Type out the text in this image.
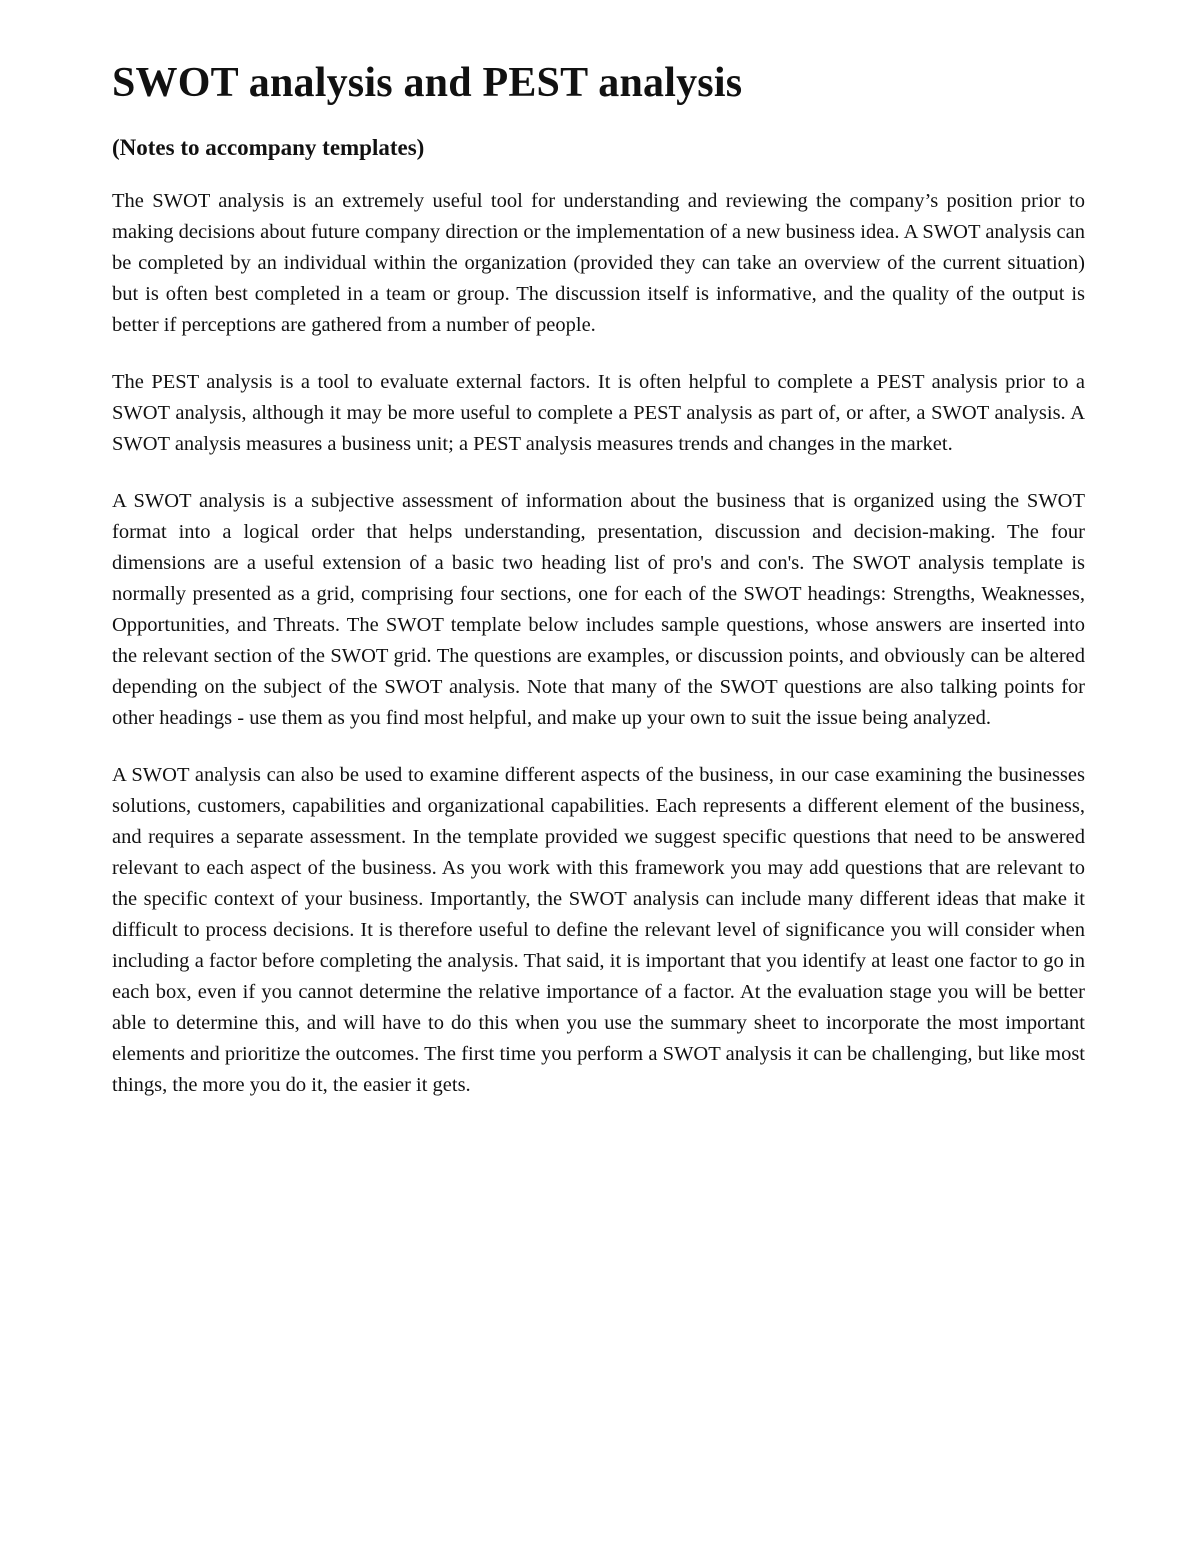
SWOT analysis and PEST analysis
(Notes to accompany templates)

The SWOT analysis is an extremely useful tool for understanding and reviewing the company’s position prior to making decisions about future company direction or the implementation of a new business idea. A SWOT analysis can be completed by an individual within the organization (provided they can take an overview of the current situation) but is often best completed in a team or group. The discussion itself is informative, and the quality of the output is better if perceptions are gathered from a number of people.

The PEST analysis is a tool to evaluate external factors. It is often helpful to complete a PEST analysis prior to a SWOT analysis, although it may be more useful to complete a PEST analysis as part of, or after, a SWOT analysis. A SWOT analysis measures a business unit; a PEST analysis measures trends and changes in the market.

A SWOT analysis is a subjective assessment of information about the business that is organized using the SWOT format into a logical order that helps understanding, presentation, discussion and decision-making. The four dimensions are a useful extension of a basic two heading list of pro's and con's. The SWOT analysis template is normally presented as a grid, comprising four sections, one for each of the SWOT headings: Strengths, Weaknesses, Opportunities, and Threats. The SWOT template below includes sample questions, whose answers are inserted into the relevant section of the SWOT grid. The questions are examples, or discussion points, and obviously can be altered depending on the subject of the SWOT analysis. Note that many of the SWOT questions are also talking points for other headings - use them as you find most helpful, and make up your own to suit the issue being analyzed.

A SWOT analysis can also be used to examine different aspects of the business, in our case examining the businesses solutions, customers, capabilities and organizational capabilities. Each represents a different element of the business, and requires a separate assessment. In the template provided we suggest specific questions that need to be answered relevant to each aspect of the business. As you work with this framework you may add questions that are relevant to the specific context of your business. Importantly, the SWOT analysis can include many different ideas that make it difficult to process decisions. It is therefore useful to define the relevant level of significance you will consider when including a factor before completing the analysis. That said, it is important that you identify at least one factor to go in each box, even if you cannot determine the relative importance of a factor. At the evaluation stage you will be better able to determine this, and will have to do this when you use the summary sheet to incorporate the most important elements and prioritize the outcomes. The first time you perform a SWOT analysis it can be challenging, but like most things, the more you do it, the easier it gets.
